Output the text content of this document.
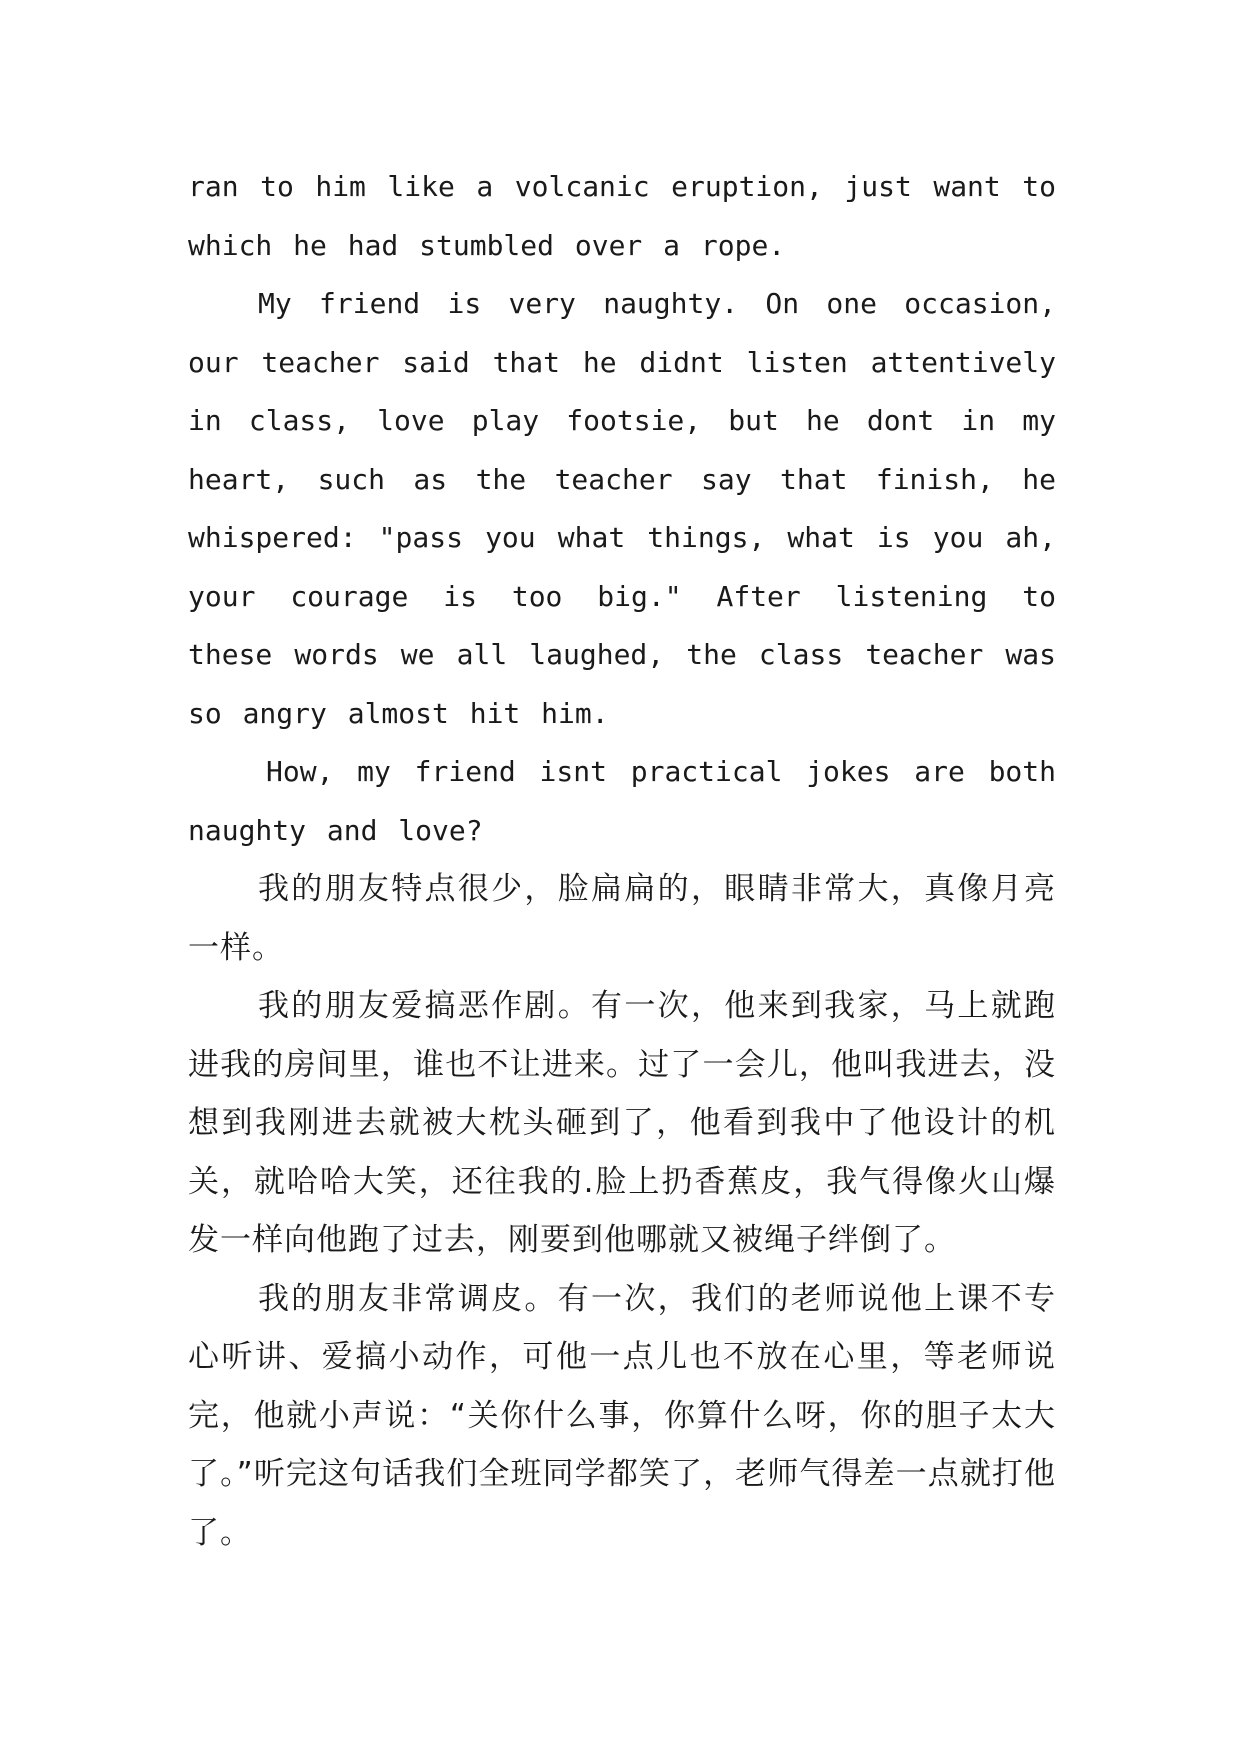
ran to him like a volcanic eruption, just want to which he had stumbled over a rope.

My friend is very naughty. On one occasion, our teacher said that he didnt listen attentively in class, love play footsie, but he dont in my heart, such as the teacher say that finish, he whispered: "pass you what things, what is you ah, your courage is too big." After listening to these words we all laughed, the class teacher was so angry almost hit him.

How, my friend isnt practical jokes are both naughty and love?

我的朋友特点很少，脸扁扁的，眼睛非常大，真像月亮一样。

我的朋友爱搞恶作剧。有一次，他来到我家，马上就跑进我的房间里，谁也不让进来。过了一会儿，他叫我进去，没想到我刚进去就被大枕头砸到了，他看到我中了他设计的机关，就哈哈大笑，还往我的.脸上扔香蕉皮，我气得像火山爆发一样向他跑了过去，刚要到他哪就又被绳子绊倒了。

我的朋友非常调皮。有一次，我们的老师说他上课不专心听讲、爱搞小动作，可他一点儿也不放在心里，等老师说完，他就小声说：“关你什么事，你算什么呀，你的胆子太大了。”听完这句话我们全班同学都笑了，老师气得差一点就打他了。
